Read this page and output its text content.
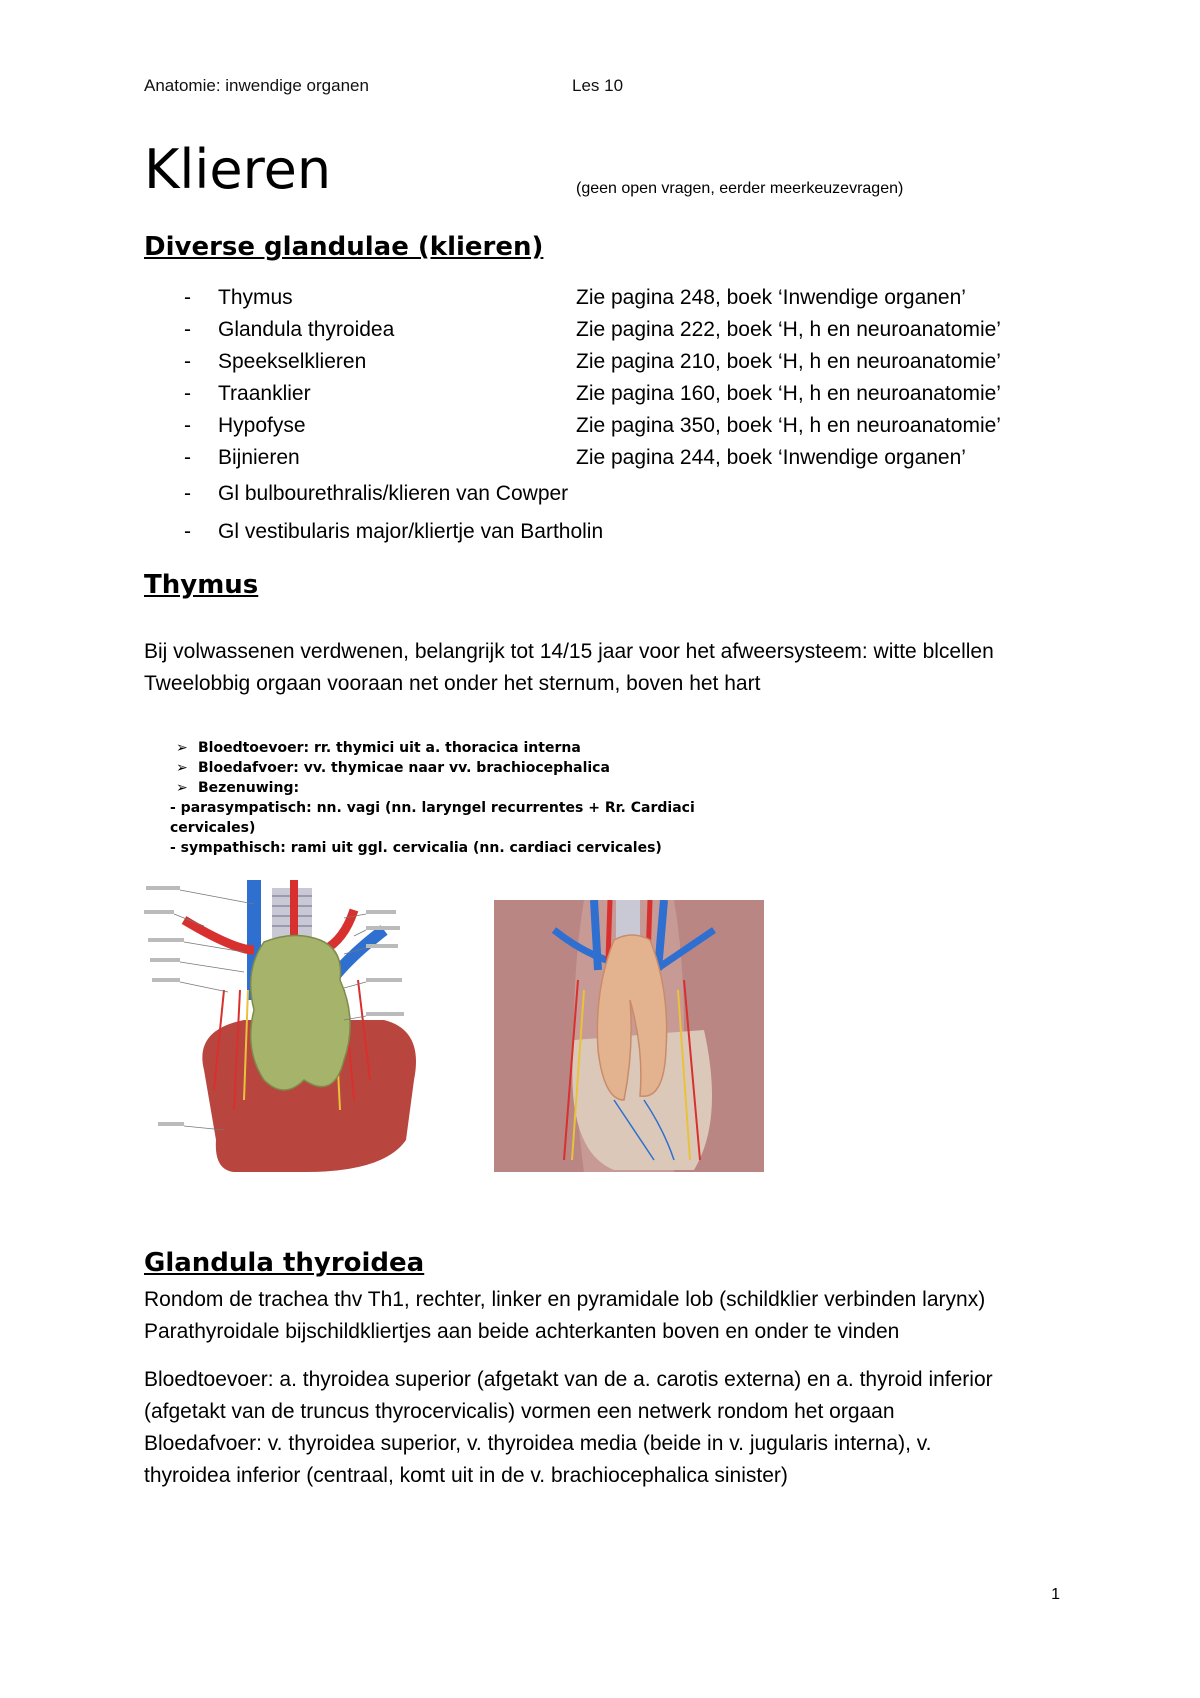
Anatomie: inwendige organen	Les 10
Klieren	(geen open vragen, eerder meerkeuzevragen)
Diverse glandulae (klieren)
- Thymus	Zie pagina 248, boek ‘Inwendige organen’
- Glandula thyroidea	Zie pagina 222, boek ‘H, h en neuroanatomie’
- Speekselklieren	Zie pagina 210, boek ‘H, h en neuroanatomie’
- Traanklier	Zie pagina 160, boek ‘H, h en neuroanatomie’
- Hypofyse	Zie pagina 350, boek ‘H, h en neuroanatomie’
- Bijnieren	Zie pagina 244, boek ‘Inwendige organen’
- Gl bulbourethralis/klieren van Cowper
- Gl vestibularis major/kliertje van Bartholin
Thymus
Bij volwassenen verdwenen, belangrijk tot 14/15 jaar voor het afweersysteem: witte blcellen
Tweelobbig orgaan vooraan net onder het sternum, boven het hart
➢ Bloedtoevoer: rr. thymici uit a. thoracica interna
➢ Bloedafvoer: vv. thymicae naar vv. brachiocephalica
➢ Bezenuwing:
- parasympatisch: nn. vagi (nn. laryngel recurrentes + Rr. Cardiaci cervicales)
- sympathisch: rami uit ggl. cervicalia (nn. cardiaci cervicales)
Glandula thyroidea
Rondom de trachea thv Th1, rechter, linker en pyramidale lob (schildklier verbinden larynx)
Parathyroidale bijschildkliertjes aan beide achterkanten boven en onder te vinden
Bloedtoevoer: a. thyroidea superior (afgetakt van de a. carotis externa) en a. thyroid inferior
(afgetakt van de truncus thyrocervicalis) vormen een netwerk rondom het orgaan
Bloedafvoer: v. thyroidea superior, v. thyroidea media (beide in v. jugularis interna), v.
thyroidea inferior (centraal, komt uit in de v. brachiocephalica sinister)
1
